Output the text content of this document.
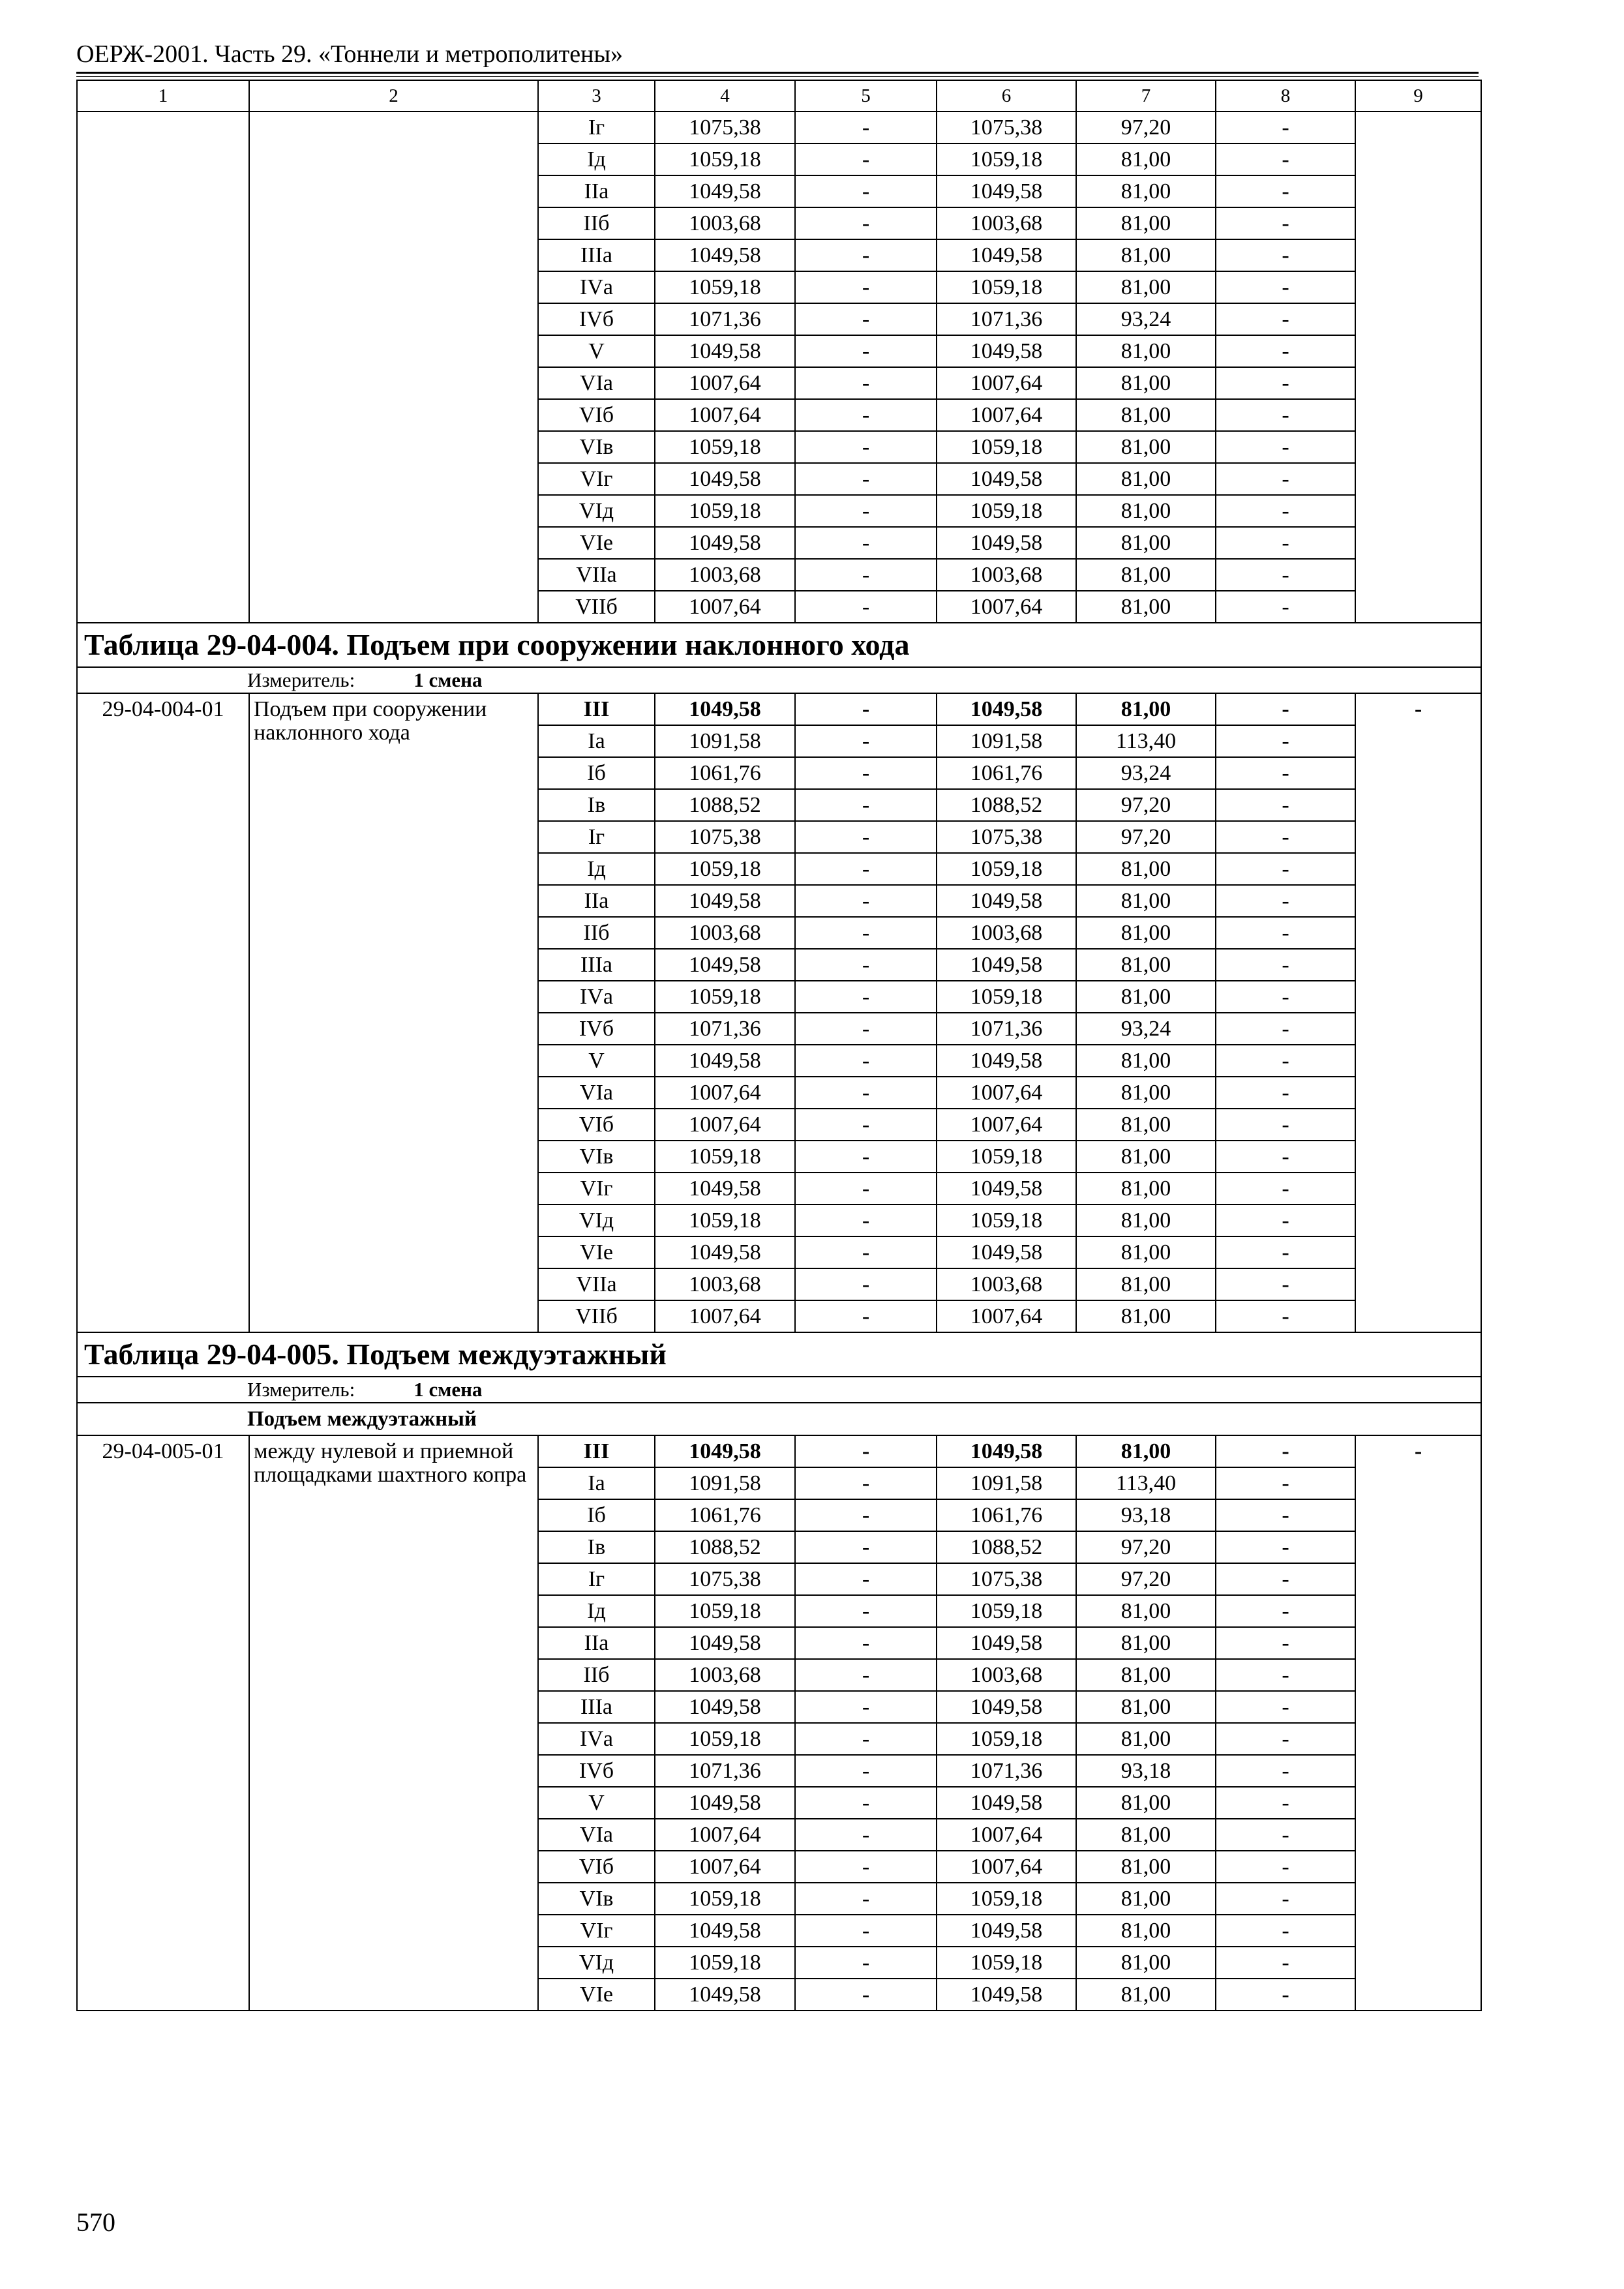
ОЕРЖ-2001. Часть 29. «Тоннели и метрополитены»
1	2	3	4	5	6	7	8	9
		Iг	1075,38	-	1075,38	97,20	-	
		Iд	1059,18	-	1059,18	81,00	-	
		IIа	1049,58	-	1049,58	81,00	-	
		IIб	1003,68	-	1003,68	81,00	-	
		IIIа	1049,58	-	1049,58	81,00	-	
		IVа	1059,18	-	1059,18	81,00	-	
		IVб	1071,36	-	1071,36	93,24	-	
		V	1049,58	-	1049,58	81,00	-	
		VIа	1007,64	-	1007,64	81,00	-	
		VIб	1007,64	-	1007,64	81,00	-	
		VIв	1059,18	-	1059,18	81,00	-	
		VIг	1049,58	-	1049,58	81,00	-	
		VIд	1059,18	-	1059,18	81,00	-	
		VIе	1049,58	-	1049,58	81,00	-	
		VIIа	1003,68	-	1003,68	81,00	-	
		VIIб	1007,64	-	1007,64	81,00	-	
Таблица 29-04-004. Подъем при сооружении наклонного хода								
Измеритель: 1 смена								
29-04-004-01	Подъем при сооружении наклонного хода	III	1049,58	-	1049,58	81,00	-	-
		Iа	1091,58	-	1091,58	113,40	-	
		Iб	1061,76	-	1061,76	93,24	-	
		Iв	1088,52	-	1088,52	97,20	-	
		Iг	1075,38	-	1075,38	97,20	-	
		Iд	1059,18	-	1059,18	81,00	-	
		IIа	1049,58	-	1049,58	81,00	-	
		IIб	1003,68	-	1003,68	81,00	-	
		IIIа	1049,58	-	1049,58	81,00	-	
		IVа	1059,18	-	1059,18	81,00	-	
		IVб	1071,36	-	1071,36	93,24	-	
		V	1049,58	-	1049,58	81,00	-	
		VIа	1007,64	-	1007,64	81,00	-	
		VIб	1007,64	-	1007,64	81,00	-	
		VIв	1059,18	-	1059,18	81,00	-	
		VIг	1049,58	-	1049,58	81,00	-	
		VIд	1059,18	-	1059,18	81,00	-	
		VIе	1049,58	-	1049,58	81,00	-	
		VIIа	1003,68	-	1003,68	81,00	-	
		VIIб	1007,64	-	1007,64	81,00	-	
Таблица 29-04-005. Подъем междуэтажный								
Измеритель: 1 смена								
Подъем междуэтажный								
29-04-005-01	между нулевой и приемной площадками шахтного копра	III	1049,58	-	1049,58	81,00	-	-
		Iа	1091,58	-	1091,58	113,40	-	
		Iб	1061,76	-	1061,76	93,18	-	
		Iв	1088,52	-	1088,52	97,20	-	
		Iг	1075,38	-	1075,38	97,20	-	
		Iд	1059,18	-	1059,18	81,00	-	
		IIа	1049,58	-	1049,58	81,00	-	
		IIб	1003,68	-	1003,68	81,00	-	
		IIIа	1049,58	-	1049,58	81,00	-	
		IVа	1059,18	-	1059,18	81,00	-	
		IVб	1071,36	-	1071,36	93,18	-	
		V	1049,58	-	1049,58	81,00	-	
		VIа	1007,64	-	1007,64	81,00	-	
		VIб	1007,64	-	1007,64	81,00	-	
		VIв	1059,18	-	1059,18	81,00	-	
		VIг	1049,58	-	1049,58	81,00	-	
		VIд	1059,18	-	1059,18	81,00	-	
		VIе	1049,58	-	1049,58	81,00	-	
570
